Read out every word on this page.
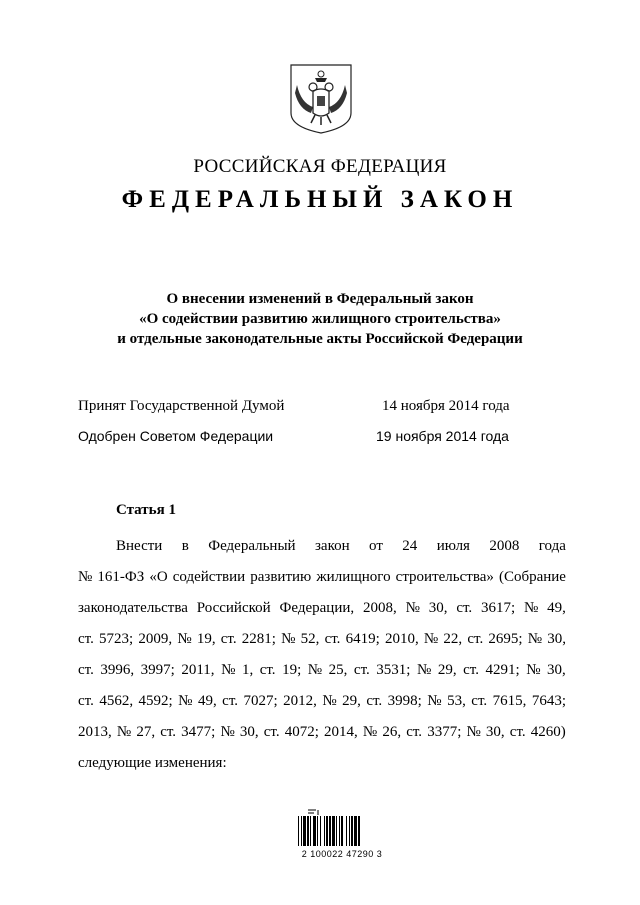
РОССИЙСКАЯ ФЕДЕРАЦИЯ
ФЕДЕРАЛЬНЫЙ ЗАКОН
О внесении изменений в Федеральный закон
«О содействии развитию жилищного строительства»
и отдельные законодательные акты Российской Федерации
Принят Государственной Думой	14 ноября 2014 года
Одобрен Советом Федерации	19 ноября 2014 года
Статья 1
Внести в Федеральный закон от 24 июля 2008 года
№ 161-ФЗ «О содействии развитию жилищного строительства» (Собрание
законодательства Российской Федерации, 2008, № 30, ст. 3617; № 49,
ст. 5723; 2009, № 19, ст. 2281; № 52, ст. 6419; 2010, № 22, ст. 2695; № 30,
ст. 3996, 3997; 2011, № 1, ст. 19; № 25, ст. 3531; № 29, ст. 4291; № 30,
ст. 4562, 4592; № 49, ст. 7027; 2012, № 29, ст. 3998; № 53, ст. 7615, 7643;
2013, № 27, ст. 3477; № 30, ст. 4072; 2014, № 26, ст. 3377; № 30, ст. 4260)
следующие изменения:
2 100022 47290 3
